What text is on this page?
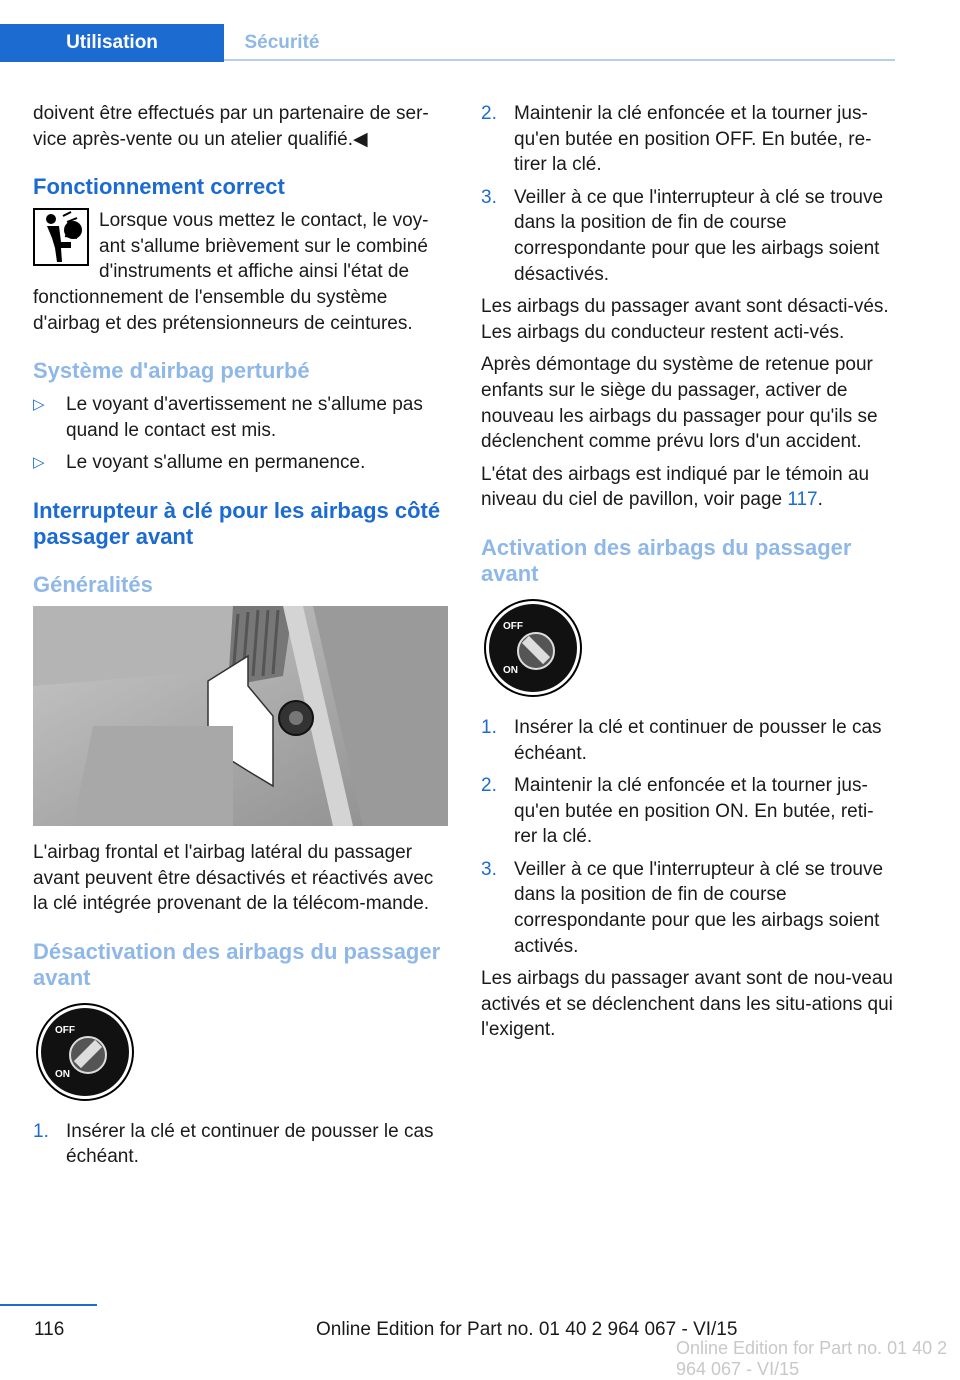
Utilisation	Sécurité

doivent être effectués par un partenaire de ser-vice après-vente ou un atelier qualifié.◀

Fonctionnement correct

Lorsque vous mettez le contact, le voy-ant s'allume brièvement sur le combiné d'instruments et affiche ainsi l'état de fonctionnement de l'ensemble du système d'airbag et des prétensionneurs de ceintures.

Système d'airbag perturbé
▷ Le voyant d'avertissement ne s'allume pas quand le contact est mis.
▷ Le voyant s'allume en permanence.
Interrupteur à clé pour les airbags côté passager avant
Généralités

L'airbag frontal et l'airbag latéral du passager avant peuvent être désactivés et réactivés avec la clé intégrée provenant de la télécom-mande.

Désactivation des airbags du passager avant
OFF
ON
1. Insérer la clé et continuer de pousser le cas échéant.
2. Maintenir la clé enfoncée et la tourner jus-qu'en butée en position OFF. En butée, re-tirer la clé.
3. Veiller à ce que l'interrupteur à clé se trouve dans la position de fin de course correspondante pour que les airbags soient désactivés.

Les airbags du passager avant sont désacti-vés. Les airbags du conducteur restent acti-vés.

Après démontage du système de retenue pour enfants sur le siège du passager, activer de nouveau les airbags du passager pour qu'ils se déclenchent comme prévu lors d'un accident.

L'état des airbags est indiqué par le témoin au niveau du ciel de pavillon, voir page 117.

Activation des airbags du passager avant
OFF
ON
1. Insérer la clé et continuer de pousser le cas échéant.
2. Maintenir la clé enfoncée et la tourner jus-qu'en butée en position ON. En butée, reti-rer la clé.
3. Veiller à ce que l'interrupteur à clé se trouve dans la position de fin de course correspondante pour que les airbags soient activés.

Les airbags du passager avant sont de nou-veau activés et se déclenchent dans les situ-ations qui l'exigent.

116	Online Edition for Part no. 01 40 2 964 067 - VI/15
Online Edition for Part no. 01 40 2 964 067 - VI/15
